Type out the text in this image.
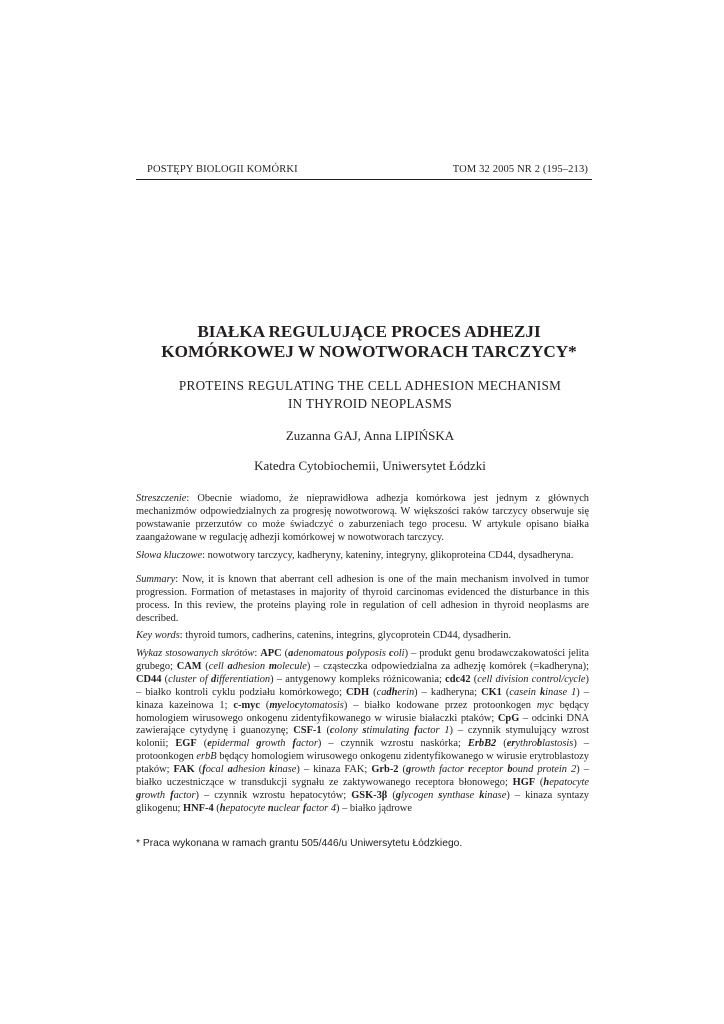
POSTĘPY BIOLOGII KOMÓRKI	TOM 32 2005 NR 2 (195–213)
BIAŁKA REGULUJĄCE PROCES ADHEZJI
KOMÓRKOWEJ W NOWOTWORACH TARCZYCY*
PROTEINS REGULATING THE CELL ADHESION MECHANISM
IN THYROID NEOPLASMS
Zuzanna GAJ, Anna LIPIŃSKA
Katedra Cytobiochemii, Uniwersytet Łódzki
Streszczenie: Obecnie wiadomo, że nieprawidłowa adhezja komórkowa jest jednym z głównych mechanizmów odpowiedzialnych za progresję nowotworową. W większości raków tarczycy obserwuje się powstawanie przerzutów co może świadczyć o zaburzeniach tego procesu. W artykule opisano białka zaangażowane w regulację adhezji komórkowej w nowotworach tarczycy.
Słowa kluczowe: nowotwory tarczycy, kadheryny, kateniny, integryny, glikoproteina CD44, dysadheryna.
Summary: Now, it is known that aberrant cell adhesion is one of the main mechanism involved in tumor progression. Formation of metastases in majority of thyroid carcinomas evidenced the disturbance in this process. In this review, the proteins playing role in regulation of cell adhesion in thyroid neoplasms are described.
Key words: thyroid tumors, cadherins, catenins, integrins, glycoprotein CD44, dysadherin.
Wykaz stosowanych skrótów: APC (adenomatous polyposis coli) – produkt genu brodawczakowatości jelita grubego; CAM (cell adhesion molecule) – cząsteczka odpowiedzialna za adhezję komórek (=kadheryna); CD44 (cluster of differentiation) – antygenowy kompleks różnicowania; cdc42 (cell division control/cycle) – białko kontroli cyklu podziału komórkowego; CDH (cadherin) – kadheryna; CK1 (casein kinase 1) – kinaza kazeinowa 1; c-myc (myelocytomatosis) – białko kodowane przez protoonkogen myc będący homologiem wirusowego onkogenu zidentyfikowanego w wirusie białaczki ptaków; CpG – odcinki DNA zawierające cytydynę i guanozynę; CSF-1 (colony stimulating factor 1) – czynnik stymulujący wzrost kolonii; EGF (epidermal growth factor) – czynnik wzrostu naskórka; ErbB2 (erythroblastosis) – protoonkogen erbB będący homologiem wirusowego onkogenu zidentyfikowanego w wirusie erytroblastozy ptaków; FAK (focal adhesion kinase) – kinaza FAK; Grb-2 (growth factor receptor bound protein 2) – białko uczestniczące w transdukcji sygnału ze zaktywowanego receptora błonowego; HGF (hepatocyte growth factor) – czynnik wzrostu hepatocytów; GSK-3β (glycogen synthase kinase) – kinaza syntazy glikogenu; HNF-4 (hepatocyte nuclear factor 4) – białko jądrowe
* Praca wykonana w ramach grantu 505/446/u Uniwersytetu Łódzkiego.
